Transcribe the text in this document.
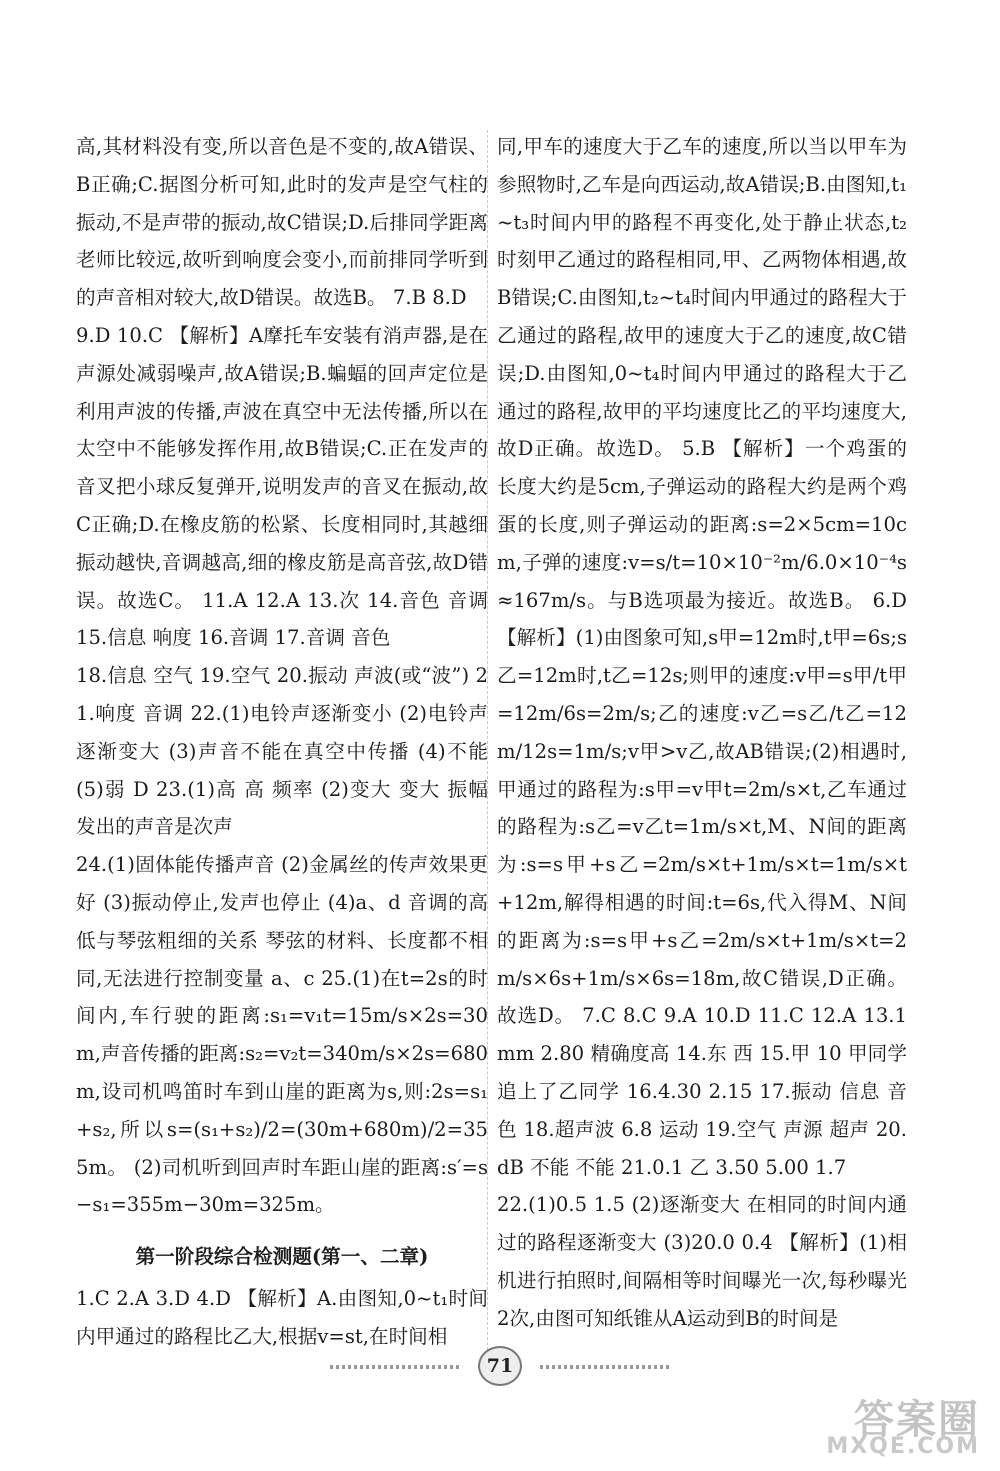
高,其材料没有变,所以音色是不变的,故A错误、B正确;C.据图分析可知,此时的发声是空气柱的振动,不是声带的振动,故C错误;D.后排同学距离老师比较远,故听到响度会变小,而前排同学听到的声音相对较大,故D错误。故选B。 7.B 8.D

9.D 10.C 【解析】A摩托车安装有消声器,是在声源处减弱噪声,故A错误;B.蝙蝠的回声定位是利用声波的传播,声波在真空中无法传播,所以在太空中不能够发挥作用,故B错误;C.正在发声的音叉把小球反复弹开,说明发声的音叉在振动,故C正确;D.在橡皮筋的松紧、长度相同时,其越细振动越快,音调越高,细的橡皮筋是高音弦,故D错误。故选C。 11.A 12.A 13.次 14.音色 音调 15.信息 响度 16.音调 17.音调 音色

18.信息 空气 19.空气 20.振动 声波(或“波”) 21.响度 音调 22.(1)电铃声逐渐变小 (2)电铃声逐渐变大 (3)声音不能在真空中传播 (4)不能 (5)弱 D 23.(1)高 高 频率 (2)变大 变大 振幅 发出的声音是次声

24.(1)固体能传播声音 (2)金属丝的传声效果更好 (3)振动停止,发声也停止 (4)a、d 音调的高低与琴弦粗细的关系 琴弦的材料、长度都不相同,无法进行控制变量 a、c 25.(1)在t=2s的时间内,车行驶的距离:s₁=v₁t=15m/s×2s=30m,声音传播的距离:s₂=v₂t=340m/s×2s=680m,设司机鸣笛时车到山崖的距离为s,则:2s=s₁+s₂,所以s=(s₁+s₂)/2=(30m+680m)/2=355m。 (2)司机听到回声时车距山崖的距离:s′=s−s₁=355m−30m=325m。

第一阶段综合检测题(第一、二章)

1.C 2.A 3.D 4.D 【解析】A.由图知,0~t₁时间内甲通过的路程比乙大,根据v=st,在时间相

同,甲车的速度大于乙车的速度,所以当以甲车为参照物时,乙车是向西运动,故A错误;B.由图知,t₁~t₃时间内甲的路程不再变化,处于静止状态,t₂时刻甲乙通过的路程相同,甲、乙两物体相遇,故B错误;C.由图知,t₂~t₄时间内甲通过的路程大于乙通过的路程,故甲的速度大于乙的速度,故C错误;D.由图知,0~t₄时间内甲通过的路程大于乙通过的路程,故甲的平均速度比乙的平均速度大,故D正确。故选D。 5.B 【解析】一个鸡蛋的长度大约是5cm,子弹运动的路程大约是两个鸡蛋的长度,则子弹运动的距离:s=2×5cm=10cm,子弹的速度:v=s/t=10×10⁻²m/6.0×10⁻⁴s≈167m/s。与B选项最为接近。故选B。 6.D 【解析】(1)由图象可知,s甲=12m时,t甲=6s;s乙=12m时,t乙=12s;则甲的速度:v甲=s甲/t甲=12m/6s=2m/s;乙的速度:v乙=s乙/t乙=12m/12s=1m/s;v甲>v乙,故AB错误;(2)相遇时,甲通过的路程为:s甲=v甲t=2m/s×t,乙车通过的路程为:s乙=v乙t=1m/s×t,M、N间的距离为:s=s甲+s乙=2m/s×t+1m/s×t=1m/s×t+12m,解得相遇的时间:t=6s,代入得M、N间的距离为:s=s甲+s乙=2m/s×t+1m/s×t=2m/s×6s+1m/s×6s=18m,故C错误,D正确。故选D。 7.C 8.C 9.A 10.D 11.C 12.A 13.1mm 2.80 精确度高 14.东 西 15.甲 10 甲同学追上了乙同学 16.4.30 2.15 17.振动 信息 音色 18.超声波 6.8 运动 19.空气 声源 超声 20.dB 不能 不能 21.0.1 乙 3.50 5.00 1.7

22.(1)0.5 1.5 (2)逐渐变大 在相同的时间内通过的路程逐渐变大 (3)20.0 0.4 【解析】(1)相机进行拍照时,间隔相等时间曝光一次,每秒曝光2次,由图可知纸锥从A运动到B的时间是

71
答案圈
MXQE.COM
